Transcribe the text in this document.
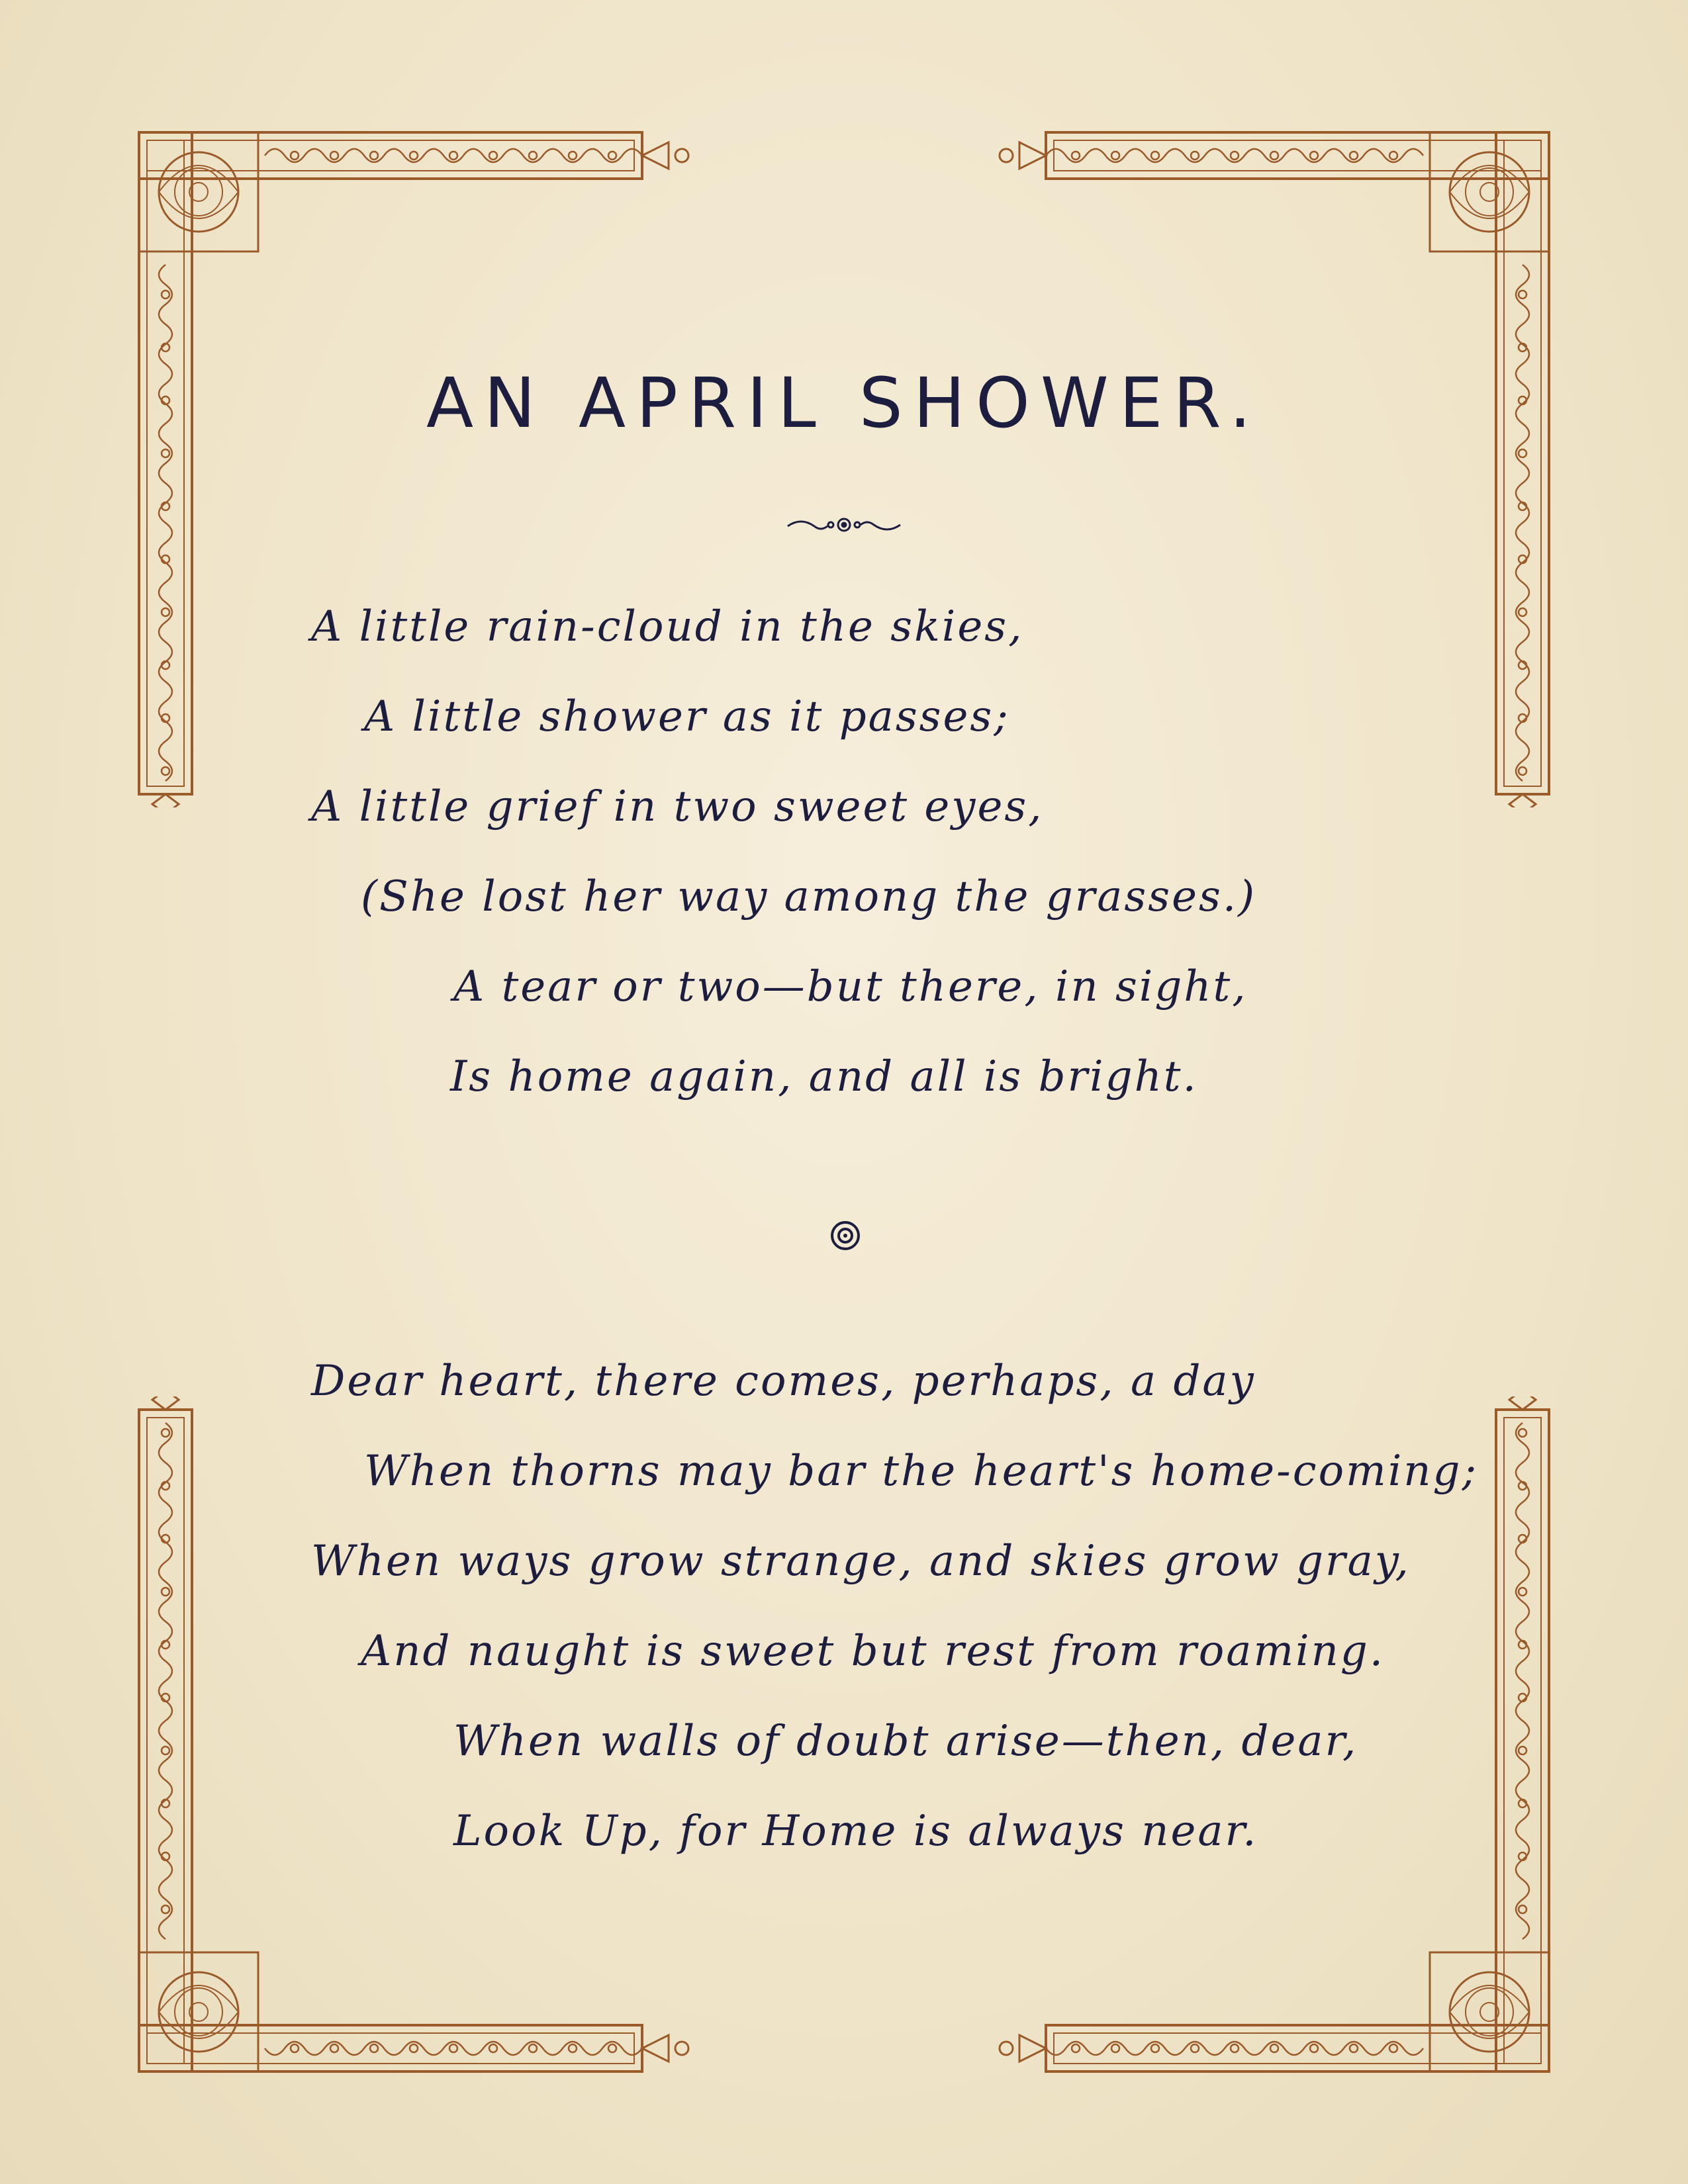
AN APRIL SHOWER.
A little rain-cloud in the skies,
A little shower as it passes;
A little grief in two sweet eyes,
(She lost her way among the grasses.)
A tear or two—but there, in sight,
Is home again, and all is bright.
Dear heart, there comes, perhaps, a day
When thorns may bar the heart's home-coming;
When ways grow strange, and skies grow gray,
And naught is sweet but rest from roaming.
When walls of doubt arise—then, dear,
Look Up, for Home is always near.
